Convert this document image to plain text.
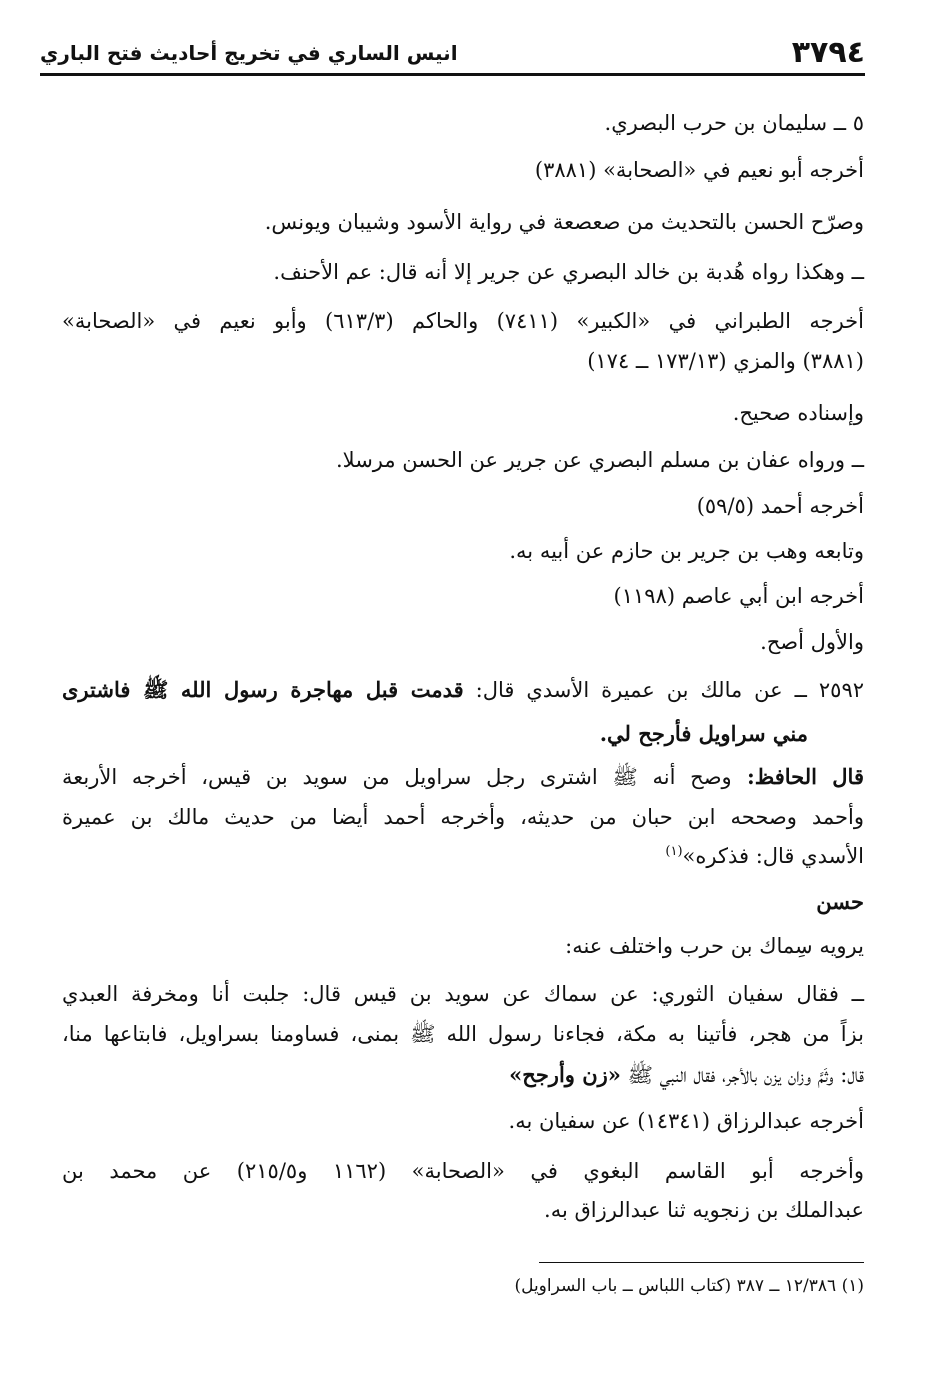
٣٧٩٤
انيس الساري في تخريج أحاديث فتح الباري
٥ ــ سليمان بن حرب البصري.
أخرجه أبو نعيم في «الصحابة» (٣٨٨١)
وصرّح الحسن بالتحديث من صعصعة في رواية الأسود وشيبان ويونس.
ــ وهكذا رواه هُدبة بن خالد البصري عن جرير إلا أنه قال: عم الأحنف.
أخرجه الطبراني في «الكبير» (٧٤١١) والحاكم (٦١٣/٣) وأبو نعيم في «الصحابة»
(٣٨٨١) والمزي (١٧٣/١٣ ــ ١٧٤)
وإسناده صحيح.
ــ ورواه عفان بن مسلم البصري عن جرير عن الحسن مرسلا.
أخرجه أحمد (٥٩/٥)
وتابعه وهب بن جرير بن حازم عن أبيه به.
أخرجه ابن أبي عاصم (١١٩٨)
والأول أصح.
٢٥٩٢ ــ عن مالك بن عميرة الأسدي قال: قدمت قبل مهاجرة رسول الله ﷺ فاشترى
مني سراويل فأرجح لي.
قال الحافظ: وصح أنه ﷺ اشترى رجل سراويل من سويد بن قيس، أخرجه الأربعة
وأحمد وصححه ابن حبان من حديثه، وأخرجه أحمد أيضا من حديث مالك بن عميرة
الأسدي قال: فذكره»$^{(١)}$
حسن
يرويه سِماك بن حرب واختلف عنه:
ــ فقال سفيان الثوري: عن سماك عن سويد بن قيس قال: جلبت أنا ومخرفة العبدي
بزاً من هجر، فأتينا به مكة، فجاءنا رسول الله ﷺ بمنى، فساومنا بسراويل، فابتاعها منا،
قال: وثَمَّ وزان يزن بالأجر، فقال النبي ﷺ «زن وأرجح»
أخرجه عبدالرزاق (١٤٣٤١) عن سفيان به.
وأخرجه أبو القاسم البغوي في «الصحابة» (١١٦٢ و٢١٥/٥) عن محمد بن
عبدالملك بن زنجويه ثنا عبدالرزاق به.
(١) ١٢/٣٨٦ ــ ٣٨٧ (كتاب اللباس ــ باب السراويل)
